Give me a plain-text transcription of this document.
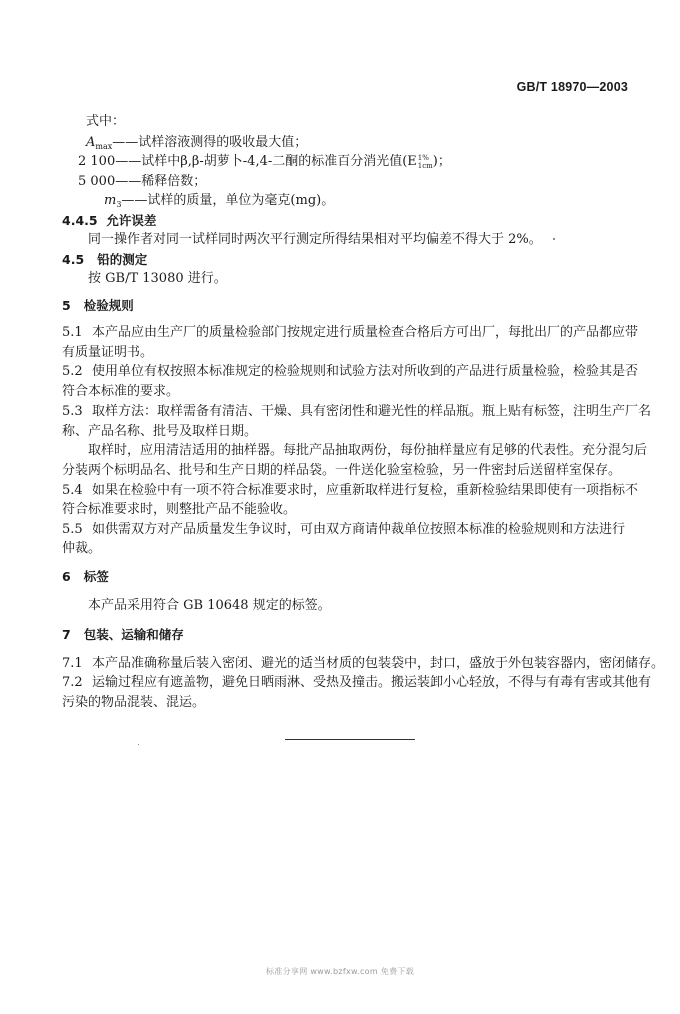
GB/T 18970—2003
式中：
$A_{max}——$试样溶液测得的吸收最大值；
2 100——试样中β,β-胡萝卜-4,4-二酮的标准百分消光值(E 1%
1cm )；
5 000——稀释倍数；
$m_3——$试样的质量，单位为毫克(mg)。
4.4.5 允许误差
同一操作者对同一试样同时两次平行测定所得结果相对平均偏差不得大于 2%。
4.5 铅的测定
按 GB/T 13080 进行。
5 检验规则
5.1 本产品应由生产厂的质量检验部门按规定进行质量检查合格后方可出厂，每批出厂的产品都应带
有质量证明书。
5.2 使用单位有权按照本标准规定的检验规则和试验方法对所收到的产品进行质量检验，检验其是否
符合本标准的要求。
5.3 取样方法：取样需备有清洁、干燥、具有密闭性和避光性的样品瓶。瓶上贴有标签，注明生产厂名
称、产品名称、批号及取样日期。
取样时，应用清洁适用的抽样器。每批产品抽取两份，每份抽样量应有足够的代表性。充分混匀后
分装两个标明品名、批号和生产日期的样品袋。一件送化验室检验，另一件密封后送留样室保存。
5.4 如果在检验中有一项不符合标准要求时，应重新取样进行复检，重新检验结果即使有一项指标不
符合标准要求时，则整批产品不能验收。
5.5 如供需双方对产品质量发生争议时，可由双方商请仲裁单位按照本标准的检验规则和方法进行
仲裁。
6 标签
本产品采用符合 GB 10648 规定的标签。
7 包装、运输和储存
7.1 本产品准确称量后装入密闭、避光的适当材质的包装袋中，封口，盛放于外包装容器内，密闭储存。
7.2 运输过程应有遮盖物，避免日晒雨淋、受热及撞击。搬运装卸小心轻放，不得与有毒有害或其他有
污染的物品混装、混运。
标准分享网 www.bzfxw.com 免费下载
